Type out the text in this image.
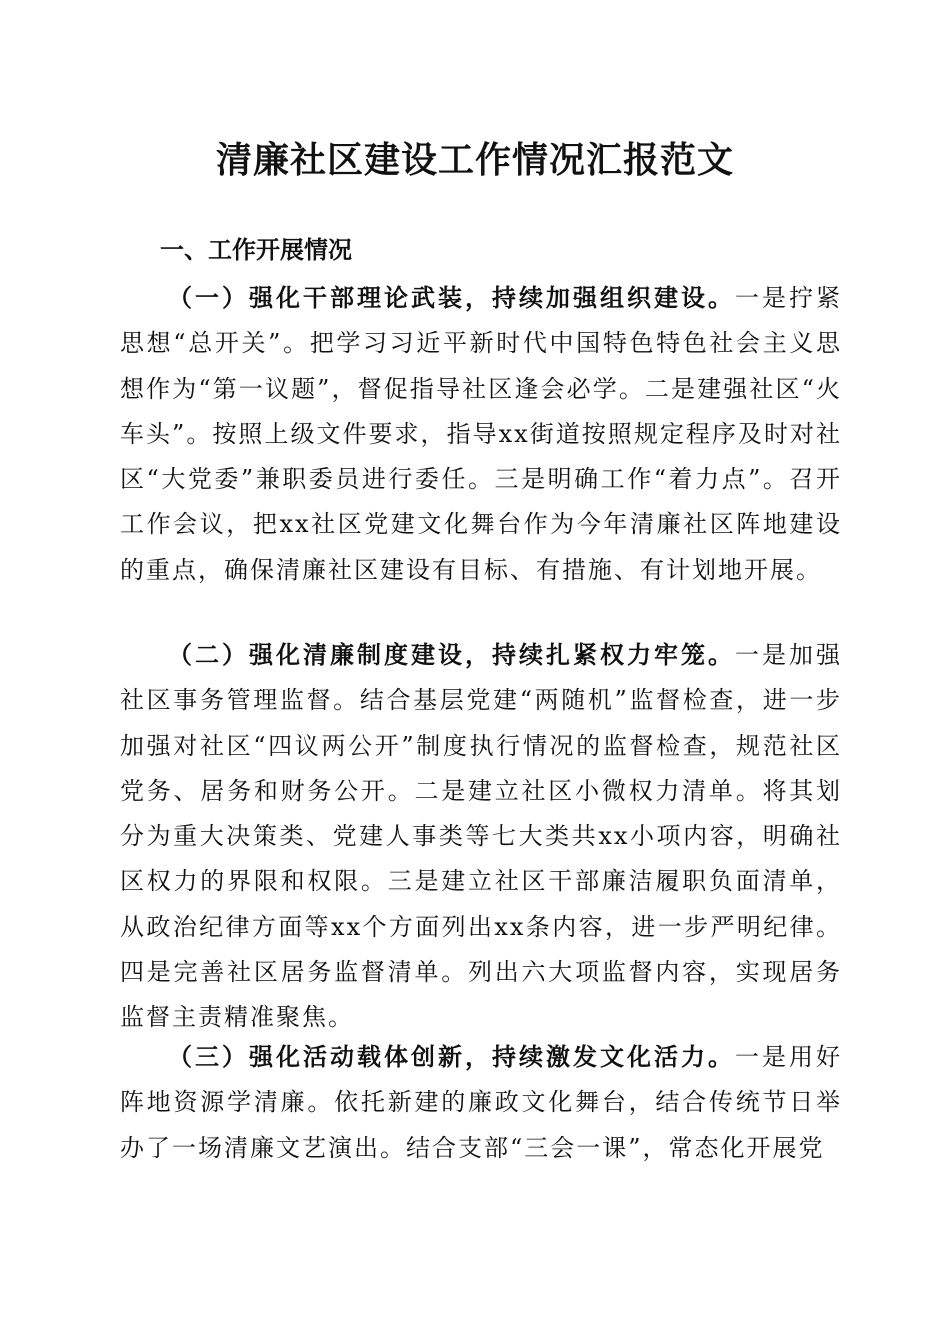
清廉社区建设工作情况汇报范文
一、工作开展情况

（一）强化干部理论武装，持续加强组织建设。一是拧紧思想“总开关”。把学习习近平新时代中国特色特色社会主义思想作为“第一议题”，督促指导社区逢会必学。二是建强社区“火车头”。按照上级文件要求，指导xx街道按照规定程序及时对社区“大党委”兼职委员进行委任。三是明确工作“着力点”。召开工作会议，把xx社区党建文化舞台作为今年清廉社区阵地建设的重点，确保清廉社区建设有目标、有措施、有计划地开展。

（二）强化清廉制度建设，持续扎紧权力牢笼。一是加强社区事务管理监督。结合基层党建“两随机”监督检查，进一步加强对社区“四议两公开”制度执行情况的监督检查，规范社区党务、居务和财务公开。二是建立社区小微权力清单。将其划分为重大决策类、党建人事类等七大类共xx小项内容，明确社区权力的界限和权限。三是建立社区干部廉洁履职负面清单，从政治纪律方面等xx个方面列出xx条内容，进一步严明纪律。四是完善社区居务监督清单。列出六大项监督内容，实现居务监督主责精准聚焦。

（三）强化活动载体创新，持续激发文化活力。一是用好阵地资源学清廉。依托新建的廉政文化舞台，结合传统节日举办了一场清廉文艺演出。结合支部“三会一课”，常态化开展党
